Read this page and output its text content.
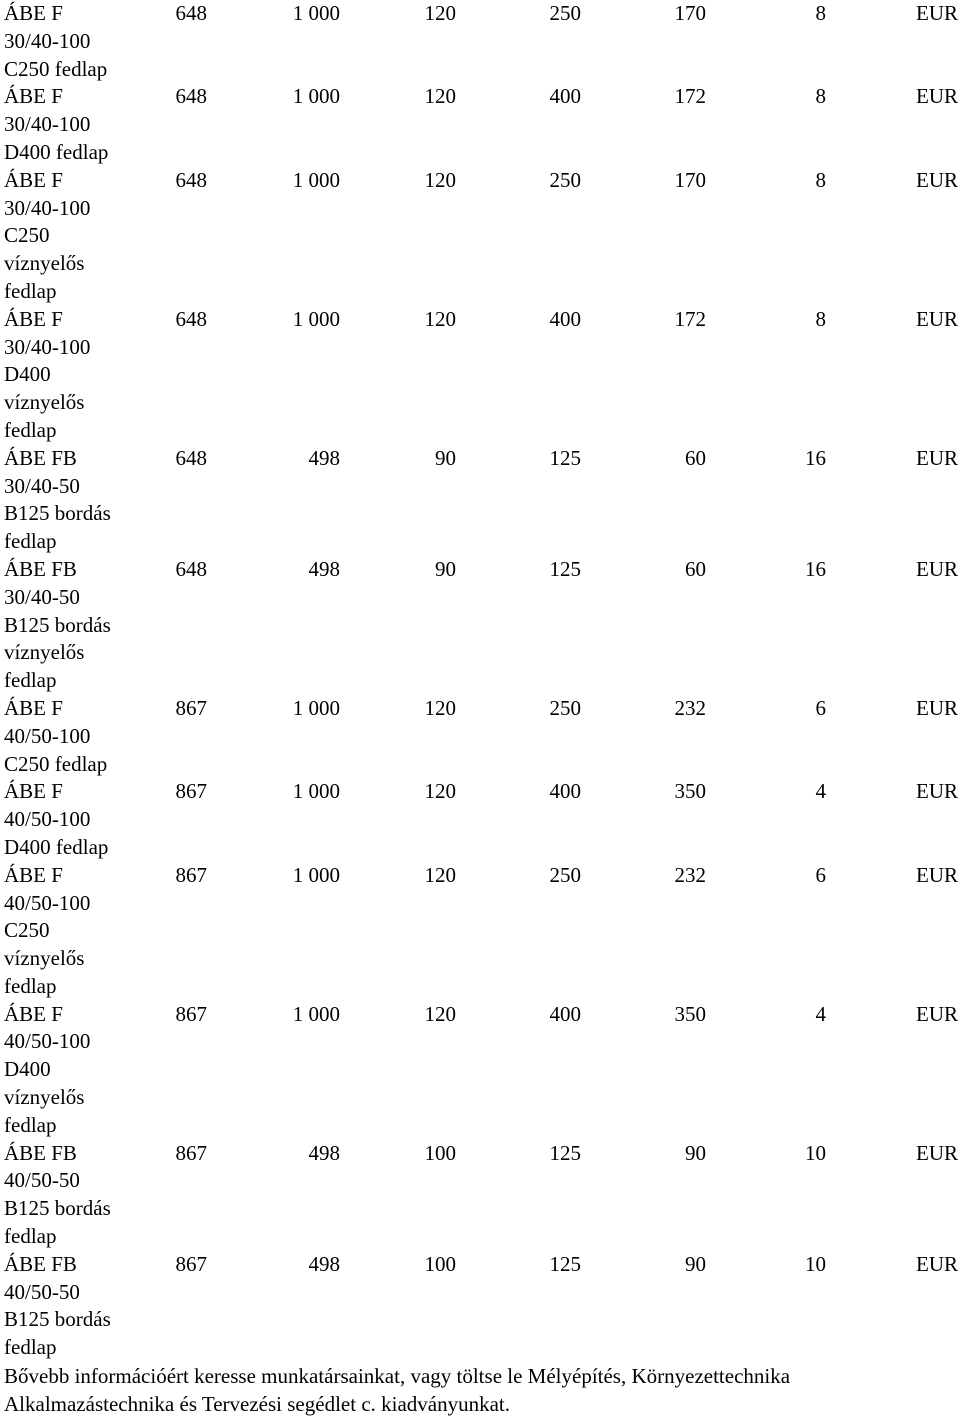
ÁBE F
30/40-100
C250 fedlap
648	1 000	120	250	170	8	EUR
ÁBE F
30/40-100
D400 fedlap
648	1 000	120	400	172	8	EUR
ÁBE F
30/40-100
C250
víznyelős
fedlap
648	1 000	120	250	170	8	EUR
ÁBE F
30/40-100
D400
víznyelős
fedlap
648	1 000	120	400	172	8	EUR
ÁBE FB
30/40-50
B125 bordás
fedlap
648	498	90	125	60	16	EUR
ÁBE FB
30/40-50
B125 bordás
víznyelős
fedlap
648	498	90	125	60	16	EUR
ÁBE F
40/50-100
C250 fedlap
867	1 000	120	250	232	6	EUR
ÁBE F
40/50-100
D400 fedlap
867	1 000	120	400	350	4	EUR
ÁBE F
40/50-100
C250
víznyelős
fedlap
867	1 000	120	250	232	6	EUR
ÁBE F
40/50-100
D400
víznyelős
fedlap
867	1 000	120	400	350	4	EUR
ÁBE FB
40/50-50
B125 bordás
fedlap
867	498	100	125	90	10	EUR
ÁBE FB
40/50-50
B125 bordás
fedlap
867	498	100	125	90	10	EUR
Bővebb információért keresse munkatársainkat, vagy töltse le Mélyépítés, Környezettechnika
Alkalmazástechnika és Tervezési segédlet c. kiadványunkat.
